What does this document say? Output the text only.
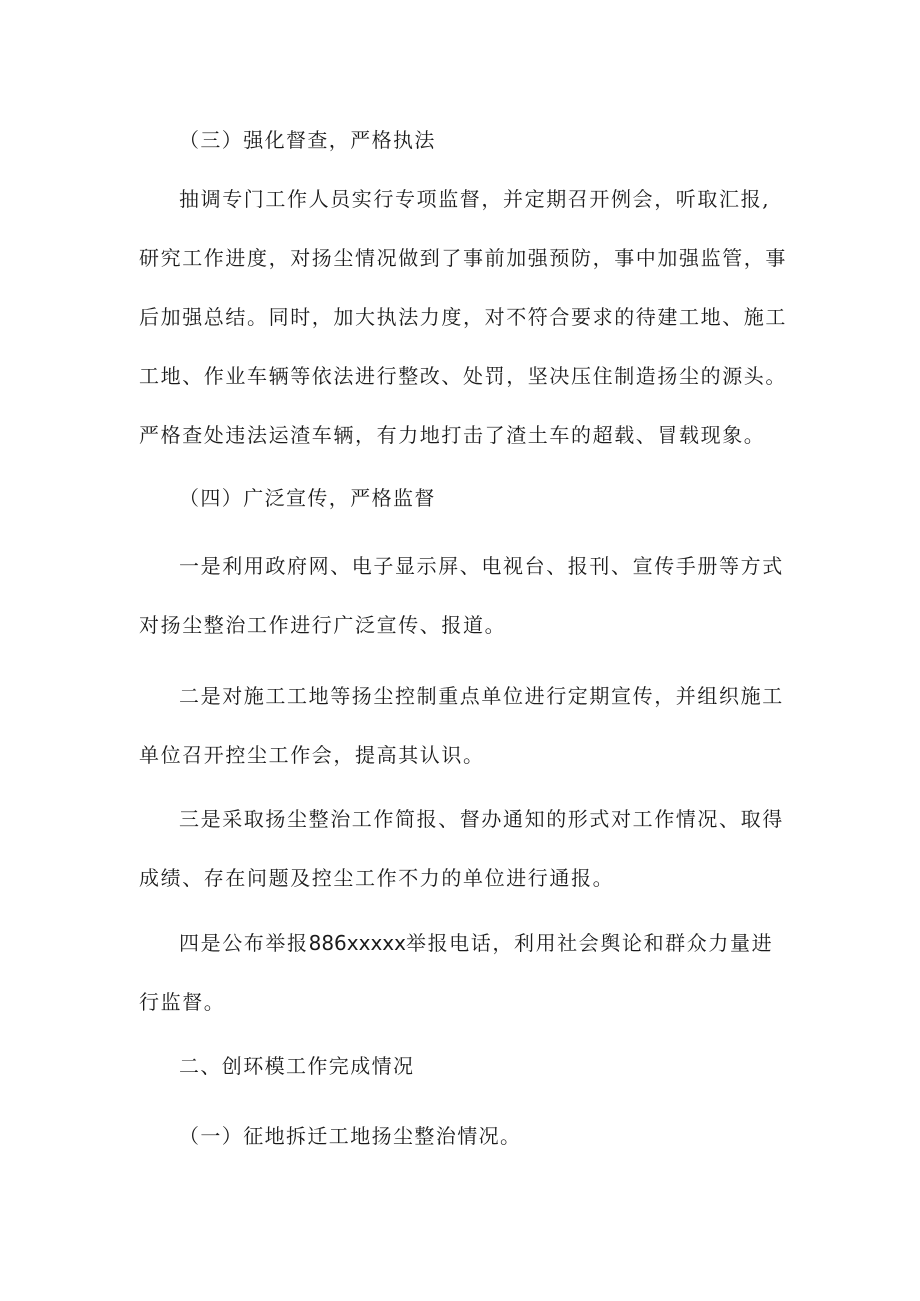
（三）强化督查，严格执法

抽调专门工作人员实行专项监督，并定期召开例会，听取汇报,研究工作进度，对扬尘情况做到了事前加强预防，事中加强监管，事后加强总结。同时，加大执法力度，对不符合要求的待建工地、施工工地、作业车辆等依法进行整改、处罚，坚决压住制造扬尘的源头。严格查处违法运渣车辆，有力地打击了渣土车的超载、冒载现象。

（四）广泛宣传，严格监督

一是利用政府网、电子显示屏、电视台、报刊、宣传手册等方式对扬尘整治工作进行广泛宣传、报道。

二是对施工工地等扬尘控制重点单位进行定期宣传，并组织施工单位召开控尘工作会，提高其认识。

三是采取扬尘整治工作简报、督办通知的形式对工作情况、取得成绩、存在问题及控尘工作不力的单位进行通报。

四是公布举报886xxxxx举报电话，利用社会舆论和群众力量进行监督。

二、创环模工作完成情况

（一）征地拆迁工地扬尘整治情况。
